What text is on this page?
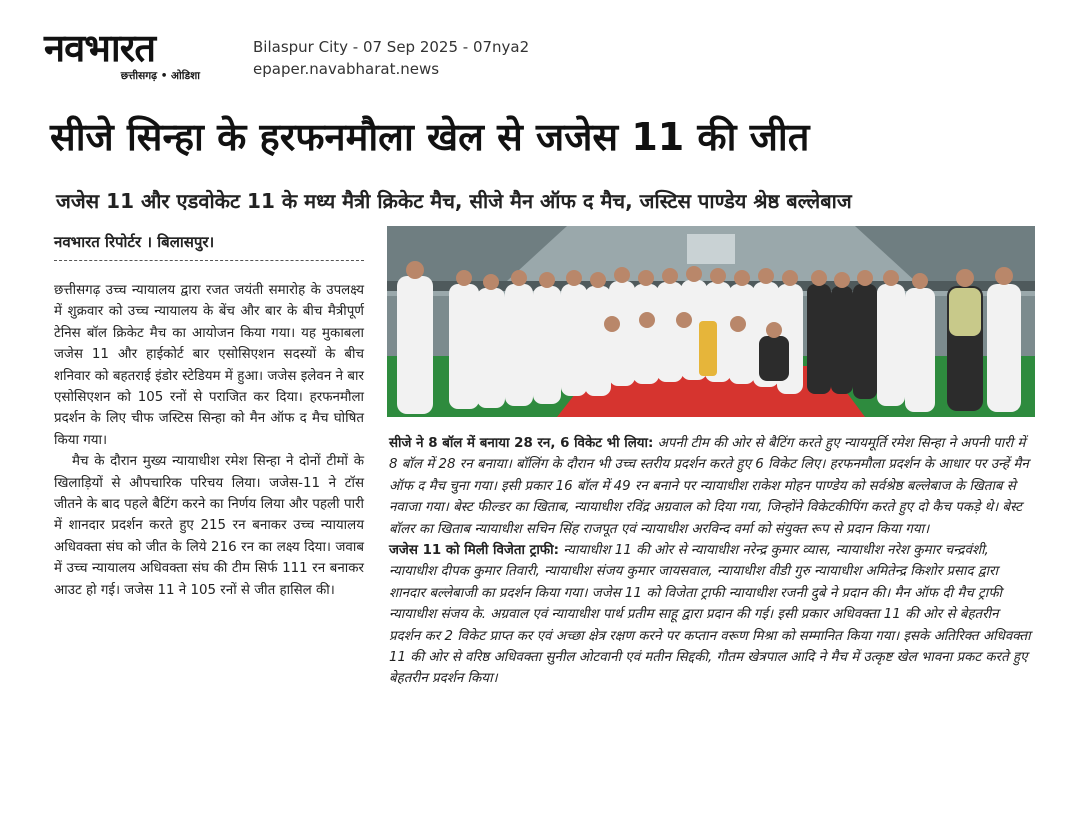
नवभारत
छत्तीसगढ़ • ओडिशा
Bilaspur City - 07 Sep 2025 - 07nya2
epaper.navabharat.news
सीजे सिन्हा के हरफनमौला खेल से जजेस 11 की जीत
जजेस 11 और एडवोकेट 11 के मध्य मैत्री क्रिकेट मैच, सीजे मैन ऑफ द मैच, जस्टिस पाण्डेय श्रेष्ठ बल्लेबाज
नवभारत रिपोर्टर । बिलासपुर।

छत्तीसगढ़ उच्च न्यायालय द्वारा रजत जयंती समारोह के उपलक्ष्य में शुक्रवार को उच्च न्यायालय के बेंच और बार के बीच मैत्रीपूर्ण टेनिस बॉल क्रिकेट मैच का आयोजन किया गया। यह मुकाबला जजेस 11 और हाईकोर्ट बार एसोसिएशन सदस्यों के बीच शनिवार को बहतराई इंडोर स्टेडियम में हुआ। जजेस इलेवन ने बार एसोसिएशन को 105 रनों से पराजित कर दिया। हरफनमौला प्रदर्शन के लिए चीफ जस्टिस सिन्हा को मैन ऑफ द मैच घोषित किया गया।

मैच के दौरान मुख्य न्यायाधीश रमेश सिन्हा ने दोनों टीमों के खिलाड़ियों से औपचारिक परिचय लिया। जजेस-11 ने टॉस जीतने के बाद पहले बैटिंग करने का निर्णय लिया और पहली पारी में शानदार प्रदर्शन करते हुए 215 रन बनाकर उच्च न्यायालय अधिवक्ता संघ को जीत के लिये 216 रन का लक्ष्य दिया। जवाब में उच्च न्यायालय अधिवक्ता संघ की टीम सिर्फ 111 रन बनाकर आउट हो गई। जजेस 11 ने 105 रनों से जीत हासिल की।

सीजे ने 8 बॉल में बनाया 28 रन, 6 विकेट भी लिया: अपनी टीम की ओर से बैटिंग करते हुए न्यायमूर्ति रमेश सिन्हा ने अपनी पारी में 8 बॉल में 28 रन बनाया। बॉलिंग के दौरान भी उच्च स्तरीय प्रदर्शन करते हुए 6 विकेट लिए। हरफनमौला प्रदर्शन के आधार पर उन्हें मैन ऑफ द मैच चुना गया। इसी प्रकार 16 बॉल में 49 रन बनाने पर न्यायाधीश राकेश मोहन पाण्डेय को सर्वश्रेष्ठ बल्लेबाज के खिताब से नवाजा गया। बेस्ट फील्डर का खिताब, न्यायाधीश रविंद्र अग्रवाल को दिया गया, जिन्होंने विकेटकीपिंग करते हुए दो कैच पकड़े थे। बेस्ट बॉलर का खिताब न्यायाधीश सचिन सिंह राजपूत एवं न्यायाधीश अरविन्द वर्मा को संयुक्त रूप से प्रदान किया गया।

जजेस 11 को मिली विजेता ट्राफी: न्यायाधीश 11 की ओर से न्यायाधीश नरेन्द्र कुमार व्यास, न्यायाधीश नरेश कुमार चन्द्रवंशी, न्यायाधीश दीपक कुमार तिवारी, न्यायाधीश संजय कुमार जायसवाल, न्यायाधीश वीडी गुरु न्यायाधीश अमितेन्द्र किशोर प्रसाद द्वारा शानदार बल्लेबाजी का प्रदर्शन किया गया। जजेस 11 को विजेता ट्राफी न्यायाधीश रजनी दुबे ने प्रदान की। मैन ऑफ दी मैच ट्राफी न्यायाधीश संजय के. अग्रवाल एवं न्यायाधीश पार्थ प्रतीम साहू द्वारा प्रदान की गई। इसी प्रकार अधिवक्ता 11 की ओर से बेहतरीन प्रदर्शन कर 2 विकेट प्राप्त कर एवं अच्छा क्षेत्र रक्षण करने पर कप्तान वरूण मिश्रा को सम्मानित किया गया। इसके अतिरिक्त अधिवक्ता 11 की ओर से वरिष्ठ अधिवक्ता सुनील ओटवानी एवं मतीन सिद्दकी, गौतम खेत्रपाल आदि ने मैच में उत्कृष्ट खेल भावना प्रकट करते हुए बेहतरीन प्रदर्शन किया।
